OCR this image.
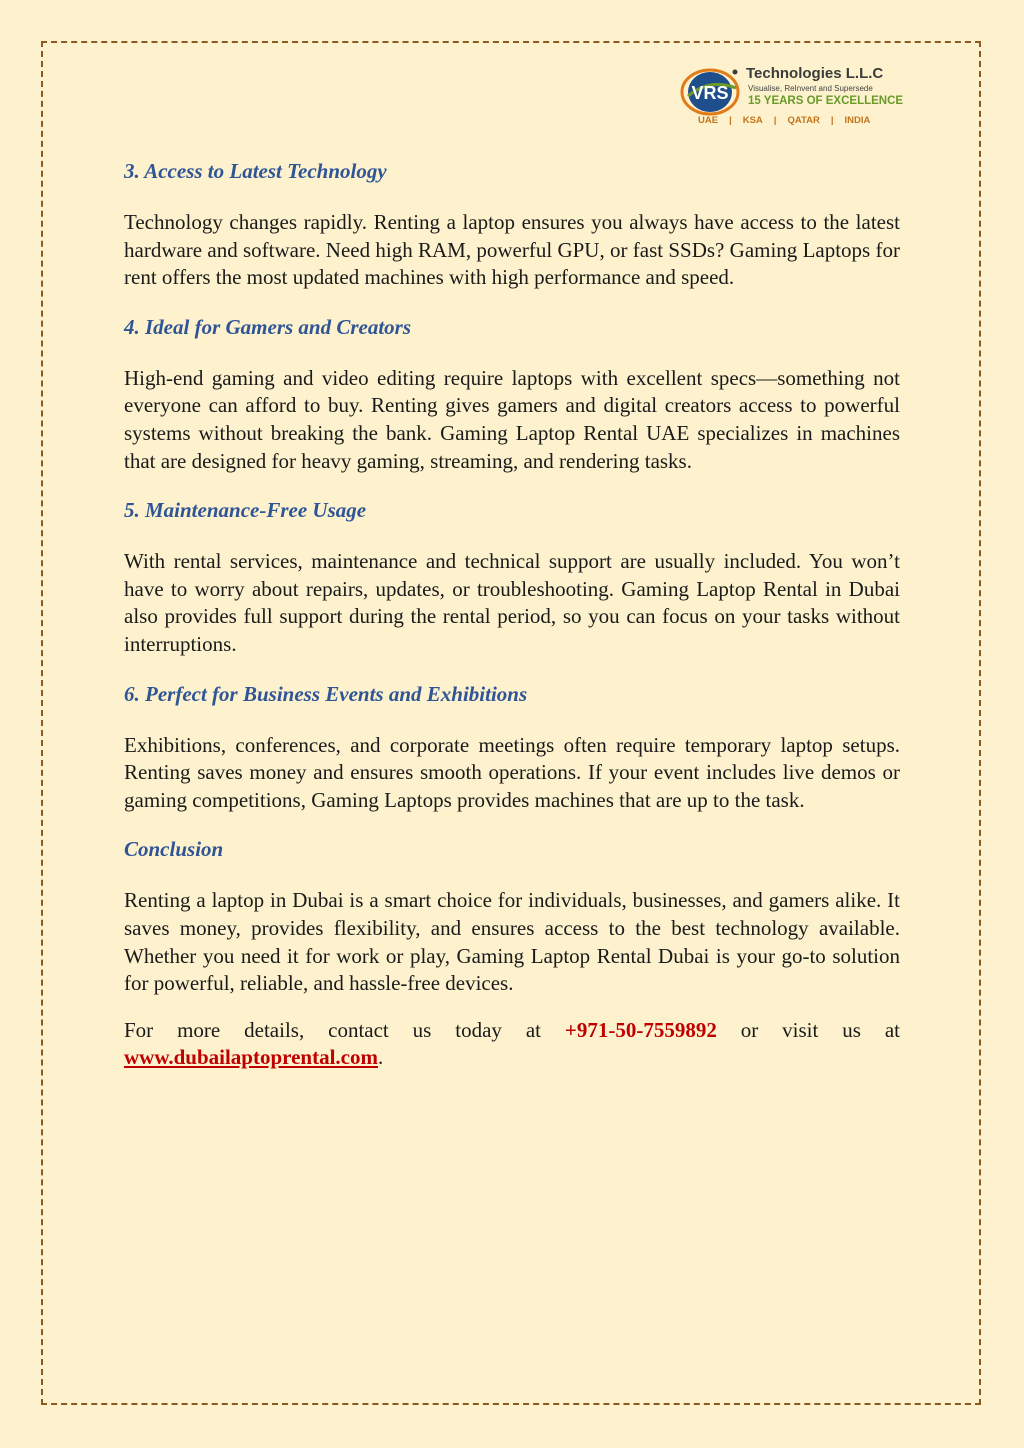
VRS
Technologies L.L.C
Visualise, ReInvent and Supersede
15 YEARS OF EXCELLENCE
UAE | KSA | QATAR | INDIA
3. Access to Latest Technology

Technology changes rapidly. Renting a laptop ensures you always have access to the latest hardware and software. Need high RAM, powerful GPU, or fast SSDs? Gaming Laptops for rent offers the most updated machines with high performance and speed.

4. Ideal for Gamers and Creators

High-end gaming and video editing require laptops with excellent specs—something not everyone can afford to buy. Renting gives gamers and digital creators access to powerful systems without breaking the bank. Gaming Laptop Rental UAE specializes in machines that are designed for heavy gaming, streaming, and rendering tasks.

5. Maintenance-Free Usage

With rental services, maintenance and technical support are usually included. You won’t have to worry about repairs, updates, or troubleshooting. Gaming Laptop Rental in Dubai also provides full support during the rental period, so you can focus on your tasks without interruptions.

6. Perfect for Business Events and Exhibitions

Exhibitions, conferences, and corporate meetings often require temporary laptop setups. Renting saves money and ensures smooth operations. If your event includes live demos or gaming competitions, Gaming Laptops provides machines that are up to the task.

Conclusion

Renting a laptop in Dubai is a smart choice for individuals, businesses, and gamers alike. It saves money, provides flexibility, and ensures access to the best technology available. Whether you need it for work or play, Gaming Laptop Rental Dubai is your go-to solution for powerful, reliable, and hassle-free devices.

For more details, contact us today at +971-50-7559892 or visit us at www.dubailaptoprental.com.
